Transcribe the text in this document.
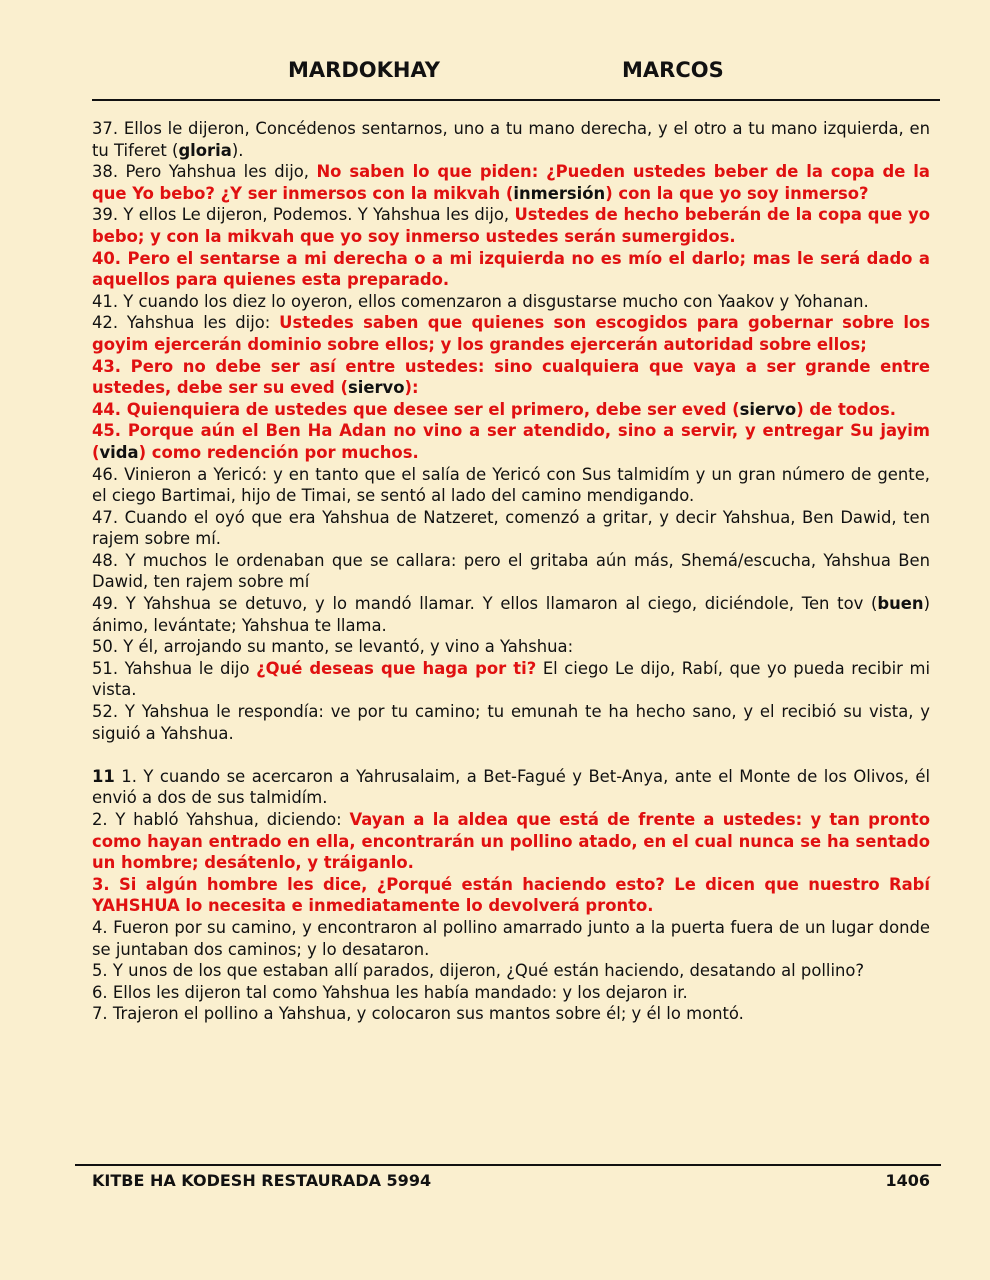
MARDOKHAY	MARCOS

37. Ellos le dijeron, Concédenos sentarnos, uno a tu mano derecha, y el otro a tu mano izquierda, en tu Tiferet (gloria).

38. Pero Yahshua les dijo, No saben lo que piden: ¿Pueden ustedes beber de la copa de la que Yo bebo? ¿Y ser inmersos con la mikvah (inmersión) con la que yo soy inmerso?

39. Y ellos Le dijeron, Podemos. Y Yahshua les dijo, Ustedes de hecho beberán de la copa que yo bebo; y con la mikvah que yo soy inmerso ustedes serán sumergidos.

40. Pero el sentarse a mi derecha o a mi izquierda no es mío el darlo; mas le será dado a aquellos para quienes esta preparado.

41. Y cuando los diez lo oyeron, ellos comenzaron a disgustarse mucho con Yaakov y Yohanan.

42. Yahshua les dijo: Ustedes saben que quienes son escogidos para gobernar sobre los goyim ejercerán dominio sobre ellos; y los grandes ejercerán autoridad sobre ellos;

43. Pero no debe ser así entre ustedes: sino cualquiera que vaya a ser grande entre ustedes, debe ser su eved (siervo):

44. Quienquiera de ustedes que desee ser el primero, debe ser eved (siervo) de todos.

45. Porque aún el Ben Ha Adan no vino a ser atendido, sino a servir, y entregar Su jayim (vida) como redención por muchos.

46. Vinieron a Yericó: y en tanto que el salía de Yericó con Sus talmidím y un gran número de gente, el ciego Bartimai, hijo de Timai, se sentó al lado del camino mendigando.

47. Cuando el oyó que era Yahshua de Natzeret, comenzó a gritar, y decir Yahshua, Ben Dawid, ten rajem sobre mí.

48. Y muchos le ordenaban que se callara: pero el gritaba aún más, Shemá/escucha, Yahshua Ben Dawid, ten rajem sobre mí

49. Y Yahshua se detuvo, y lo mandó llamar. Y ellos llamaron al ciego, diciéndole, Ten tov (buen) ánimo, levántate; Yahshua te llama.

50. Y él, arrojando su manto, se levantó, y vino a Yahshua:

51. Yahshua le dijo ¿Qué deseas que haga por ti? El ciego Le dijo, Rabí, que yo pueda recibir mi vista.

52. Y Yahshua le respondía: ve por tu camino; tu emunah te ha hecho sano, y el recibió su vista, y siguió a Yahshua.

11 1. Y cuando se acercaron a Yahrusalaim, a Bet-Fagué y Bet-Anya, ante el Monte de los Olivos, él envió a dos de sus talmidím.

2. Y habló Yahshua, diciendo: Vayan a la aldea que está de frente a ustedes: y tan pronto como hayan entrado en ella, encontrarán un pollino atado, en el cual nunca se ha sentado un hombre; desátenlo, y tráiganlo.

3. Si algún hombre les dice, ¿Porqué están haciendo esto? Le dicen que nuestro Rabí YAHSHUA lo necesita e inmediatamente lo devolverá pronto.

4. Fueron por su camino, y encontraron al pollino amarrado junto a la puerta fuera de un lugar donde se juntaban dos caminos; y lo desataron.

5. Y unos de los que estaban allí parados, dijeron, ¿Qué están haciendo, desatando al pollino?

6. Ellos les dijeron tal como Yahshua les había mandado: y los dejaron ir.

7. Trajeron el pollino a Yahshua, y colocaron sus mantos sobre él; y él lo montó.

KITBE HA KODESH RESTAURADA 5994	1406
